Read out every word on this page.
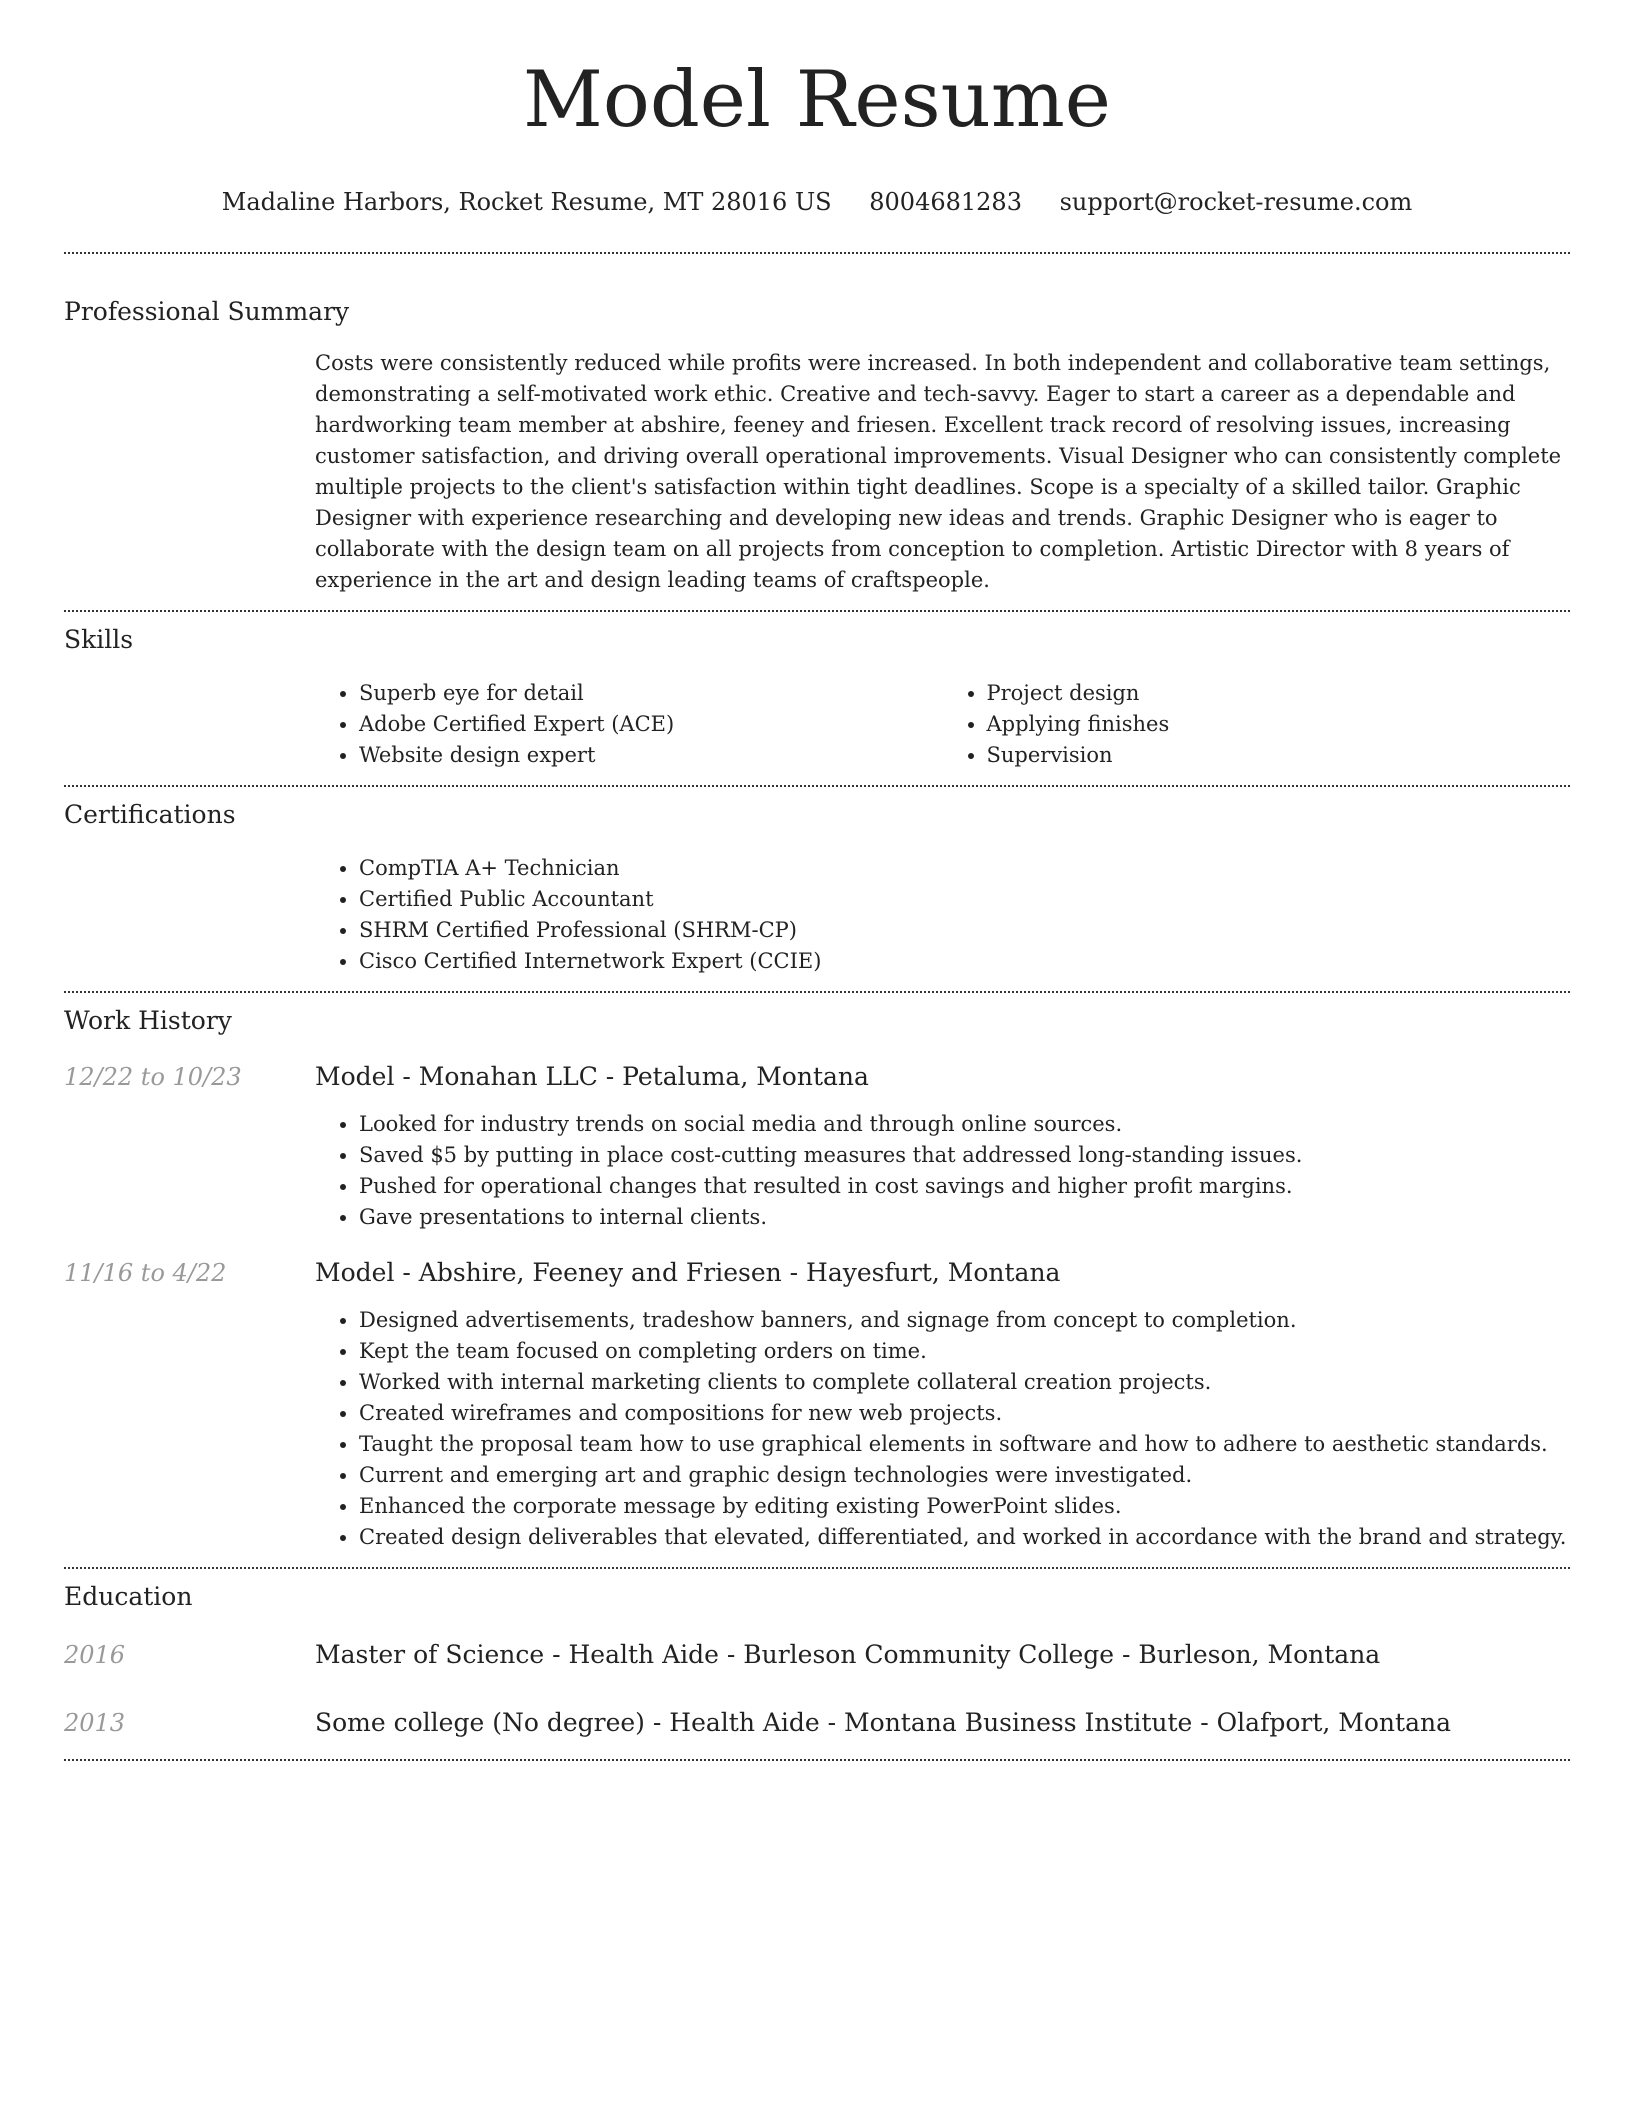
Model Resume
Madaline Harbors, Rocket Resume, MT 28016 US 8004681283 support@rocket-resume.com
Professional Summary

Costs were consistently reduced while profits were increased. In both independent and collaborative team settings, demonstrating a self-motivated work ethic. Creative and tech-savvy. Eager to start a career as a dependable and hardworking team member at abshire, feeney and friesen. Excellent track record of resolving issues, increasing customer satisfaction, and driving overall operational improvements. Visual Designer who can consistently complete multiple projects to the client's satisfaction within tight deadlines. Scope is a specialty of a skilled tailor. Graphic Designer with experience researching and developing new ideas and trends. Graphic Designer who is eager to collaborate with the design team on all projects from conception to completion. Artistic Director with 8 years of experience in the art and design leading teams of craftspeople.

Skills
• Superb eye for detail
• Adobe Certified Expert (ACE)
• Website design expert
• Project design
• Applying finishes
• Supervision
Certifications
• CompTIA A+ Technician
• Certified Public Accountant
• SHRM Certified Professional (SHRM-CP)
• Cisco Certified Internetwork Expert (CCIE)
Work History
12/22 to 10/23	Model - Monahan LLC - Petaluma, Montana
• Looked for industry trends on social media and through online sources.
• Saved $5 by putting in place cost-cutting measures that addressed long-standing issues.
• Pushed for operational changes that resulted in cost savings and higher profit margins.
• Gave presentations to internal clients.
11/16 to 4/22	Model - Abshire, Feeney and Friesen - Hayesfurt, Montana
• Designed advertisements, tradeshow banners, and signage from concept to completion.
• Kept the team focused on completing orders on time.
• Worked with internal marketing clients to complete collateral creation projects.
• Created wireframes and compositions for new web projects.
• Taught the proposal team how to use graphical elements in software and how to adhere to aesthetic standards.
• Current and emerging art and graphic design technologies were investigated.
• Enhanced the corporate message by editing existing PowerPoint slides.
• Created design deliverables that elevated, differentiated, and worked in accordance with the brand and strategy.
Education
2016	Master of Science - Health Aide - Burleson Community College - Burleson, Montana
2013	Some college (No degree) - Health Aide - Montana Business Institute - Olafport, Montana
